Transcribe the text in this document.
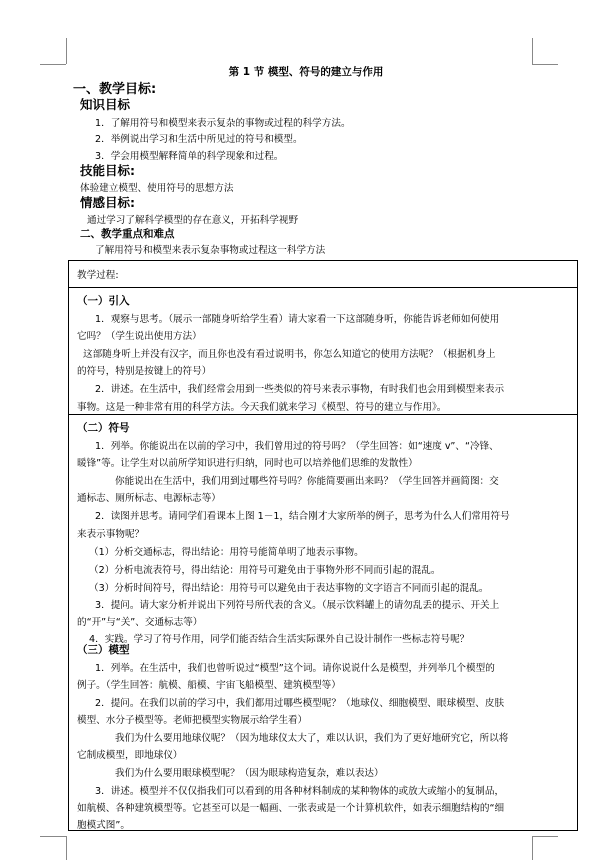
第 1 节 模型、符号的建立与作用
一、教学目标:
知识目标
1．了解用符号和模型来表示复杂的事物或过程的科学方法。
2．举例说出学习和生活中所见过的符号和模型。
3．学会用模型解释简单的科学现象和过程。
技能目标:
体验建立模型、使用符号的思想方法
情感目标:
通过学习了解科学模型的存在意义，开拓科学视野
二、教学重点和难点
了解用符号和模型来表示复杂事物或过程这一科学方法
教学过程:
（一）引入
1．观察与思考。（展示一部随身听给学生看）请大家看一下这部随身听，你能告诉老师如何使用
它吗？（学生说出使用方法）
这部随身听上并没有汉字，而且你也没有看过说明书，你怎么知道它的使用方法呢？（根据机身上
的符号，特别是按键上的符号）
2．讲述。在生活中，我们经常会用到一些类似的符号来表示事物，有时我们也会用到模型来表示
事物。这是一种非常有用的科学方法。今天我们就来学习《模型、符号的建立与作用》。
（二）符号
1．列举。你能说出在以前的学习中，我们曾用过的符号吗？（学生回答：如“速度 v”、“冷锋、
暖锋”等。让学生对以前所学知识进行归纳，同时也可以培养他们思维的发散性）
你能说出在生活中，我们用到过哪些符号吗？你能简要画出来吗？（学生回答并画简图：交
通标志、厕所标志、电源标志等）
2．读图并思考。请同学们看课本上图 1－1，结合刚才大家所举的例子，思考为什么人们常用符号
来表示事物呢？
（1）分析交通标志，得出结论：用符号能简单明了地表示事物。
（2）分析电流表符号，得出结论：用符号可避免由于事物外形不同而引起的混乱。
（3）分析时间符号，得出结论：用符号可以避免由于表达事物的文字语言不同而引起的混乱。
3．提问。请大家分析并说出下列符号所代表的含义。（展示饮料罐上的请勿乱丢的提示、开关上
的“开”与“关”、交通标志等）
4．实践。学习了符号作用，同学们能否结合生活实际课外自己设计制作一些标志符号呢？
（三）模型
1．列举。在生活中，我们也曾听说过“模型”这个词。请你说说什么是模型，并列举几个模型的
例子。（学生回答：航模、船模、宇宙飞船模型、建筑模型等）
2．提问。在我们以前的学习中，我们都用过哪些模型呢？（地球仪、细胞模型、眼球模型、皮肤
模型、水分子模型等。老师把模型实物展示给学生看）
我们为什么要用地球仪呢？（因为地球仪太大了，难以认识，我们为了更好地研究它，所以将
它制成模型，即地球仪）
我们为什么要用眼球模型呢？（因为眼球构造复杂，难以表达）
3．讲述。模型并不仅仅指我们可以看到的用各种材料制成的某种物体的或放大或缩小的复制品，
如航模、各种建筑模型等。它甚至可以是一幅画、一张表或是一个计算机软件，如表示细胞结构的“细
胞模式图”。
